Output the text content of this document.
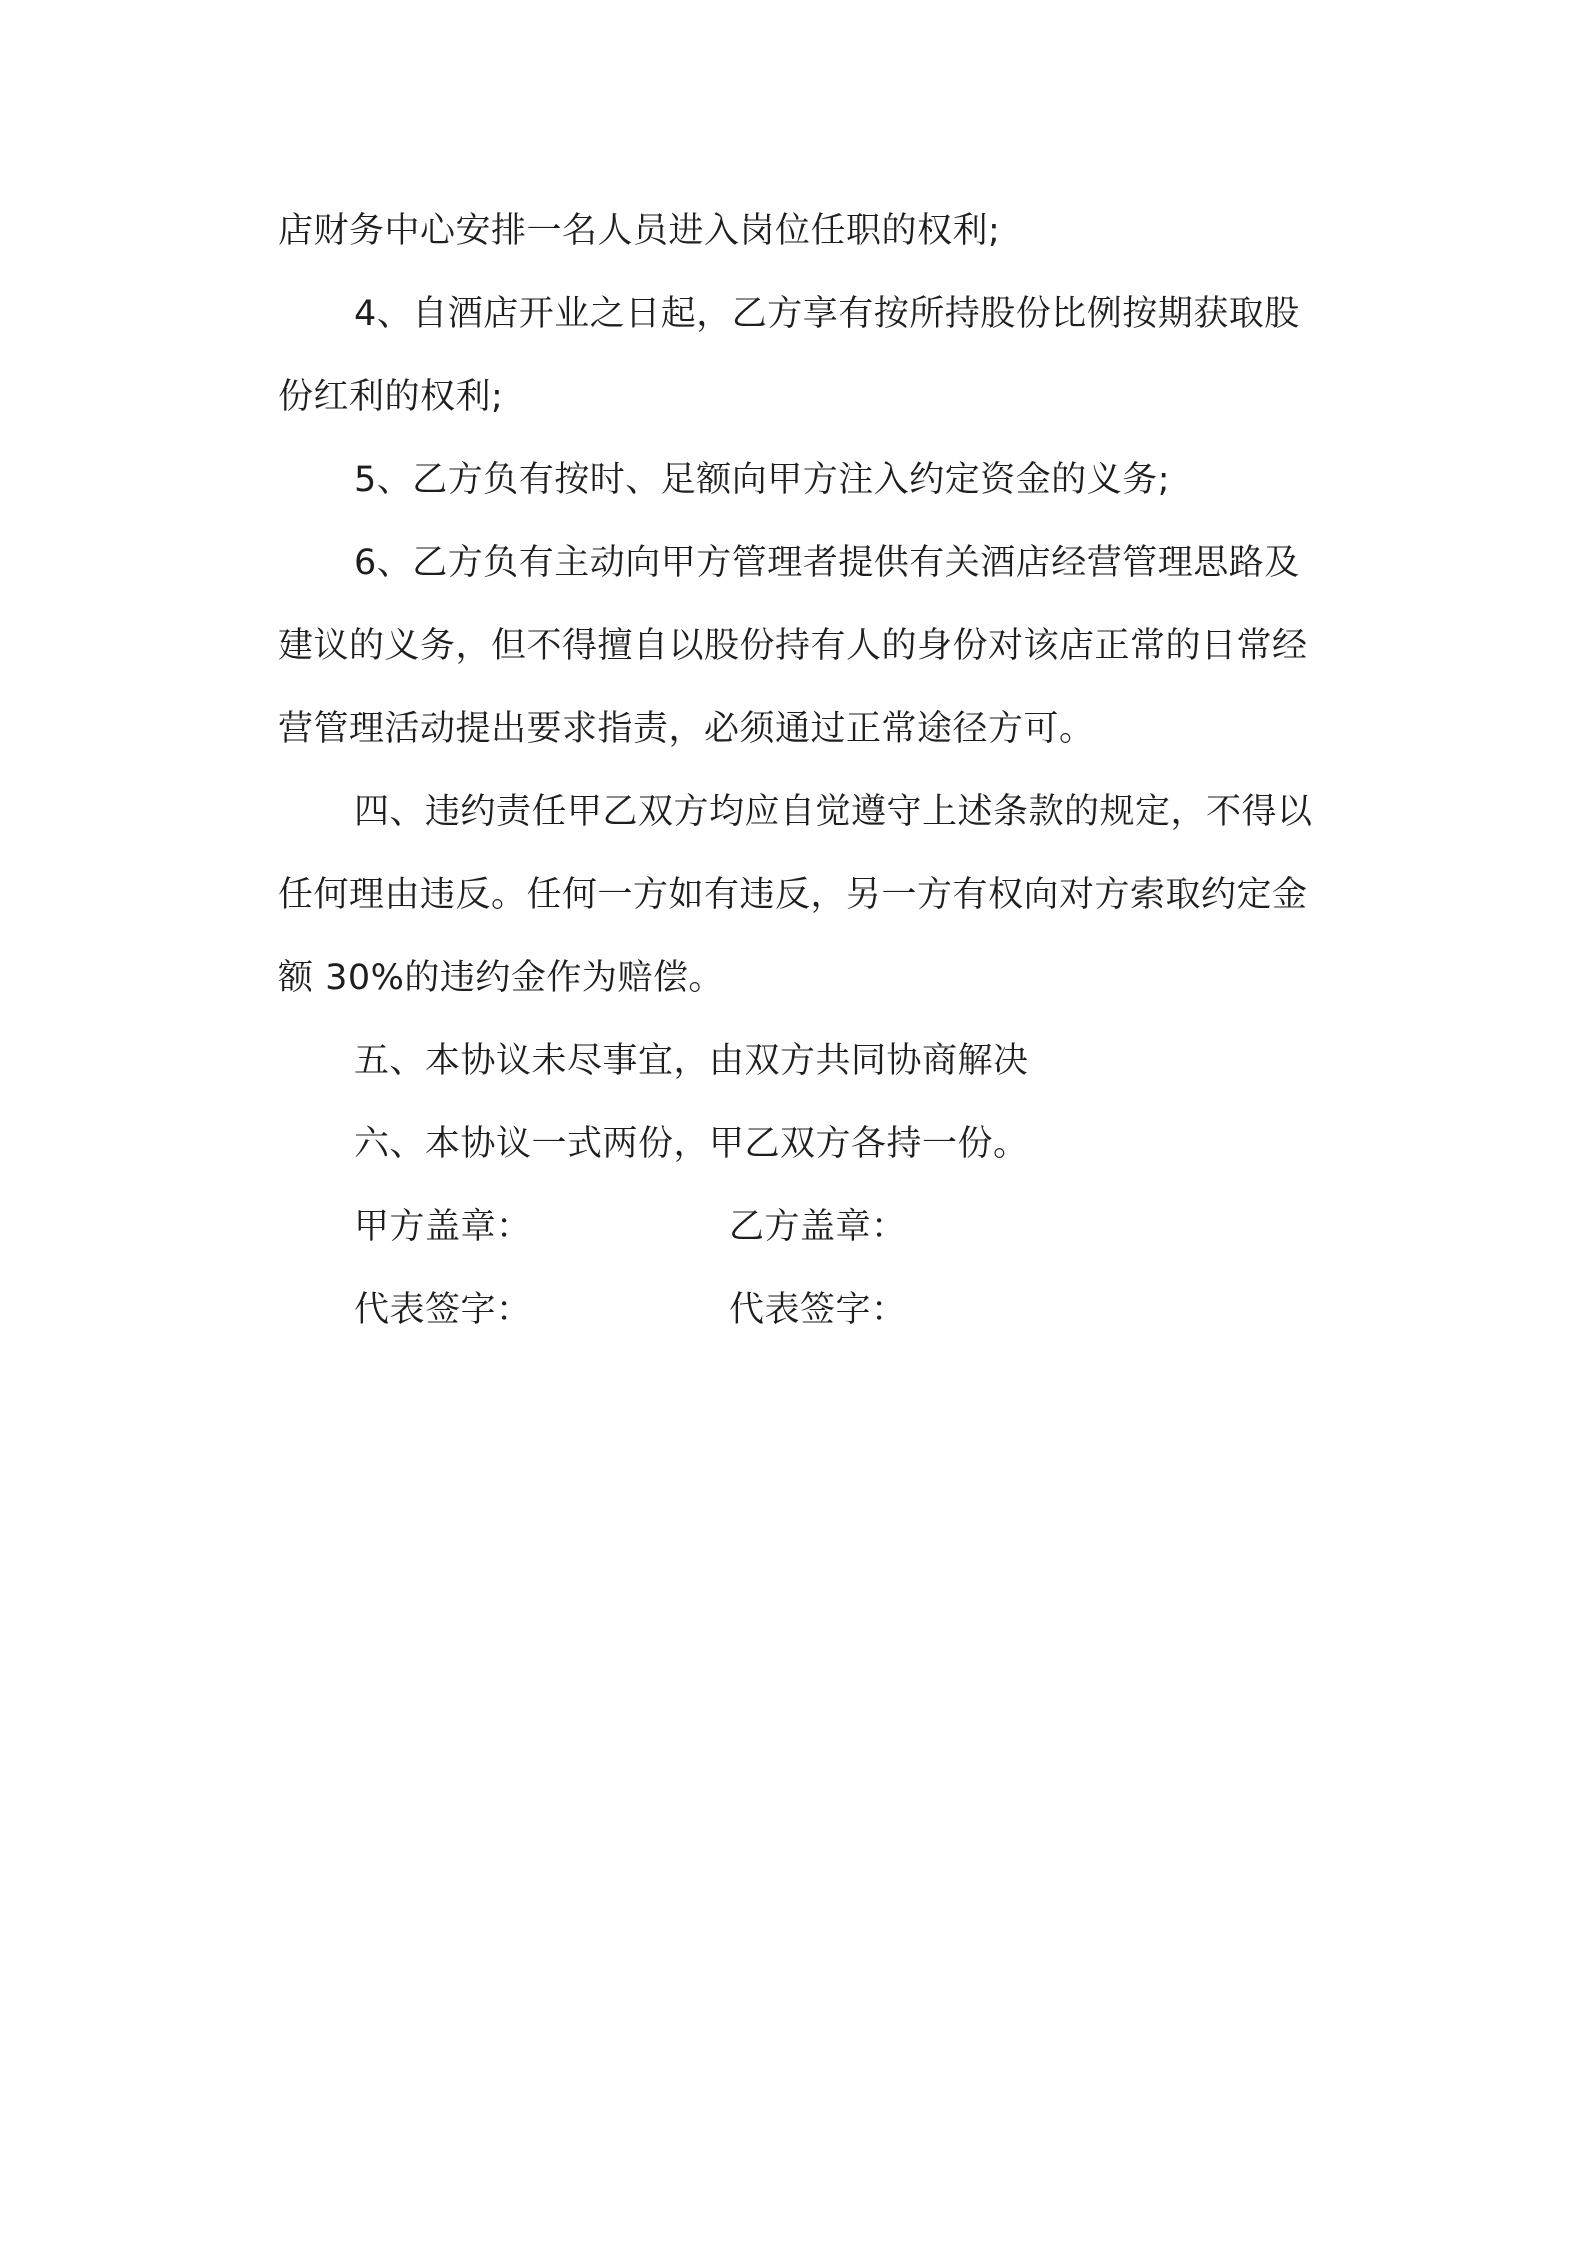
店财务中心安排一名人员进入岗位任职的权利;
4、自酒店开业之日起，乙方享有按所持股份比例按期获取股
份红利的权利;
5、乙方负有按时、足额向甲方注入约定资金的义务;
6、乙方负有主动向甲方管理者提供有关酒店经营管理思路及
建议的义务，但不得擅自以股份持有人的身份对该店正常的日常经
营管理活动提出要求指责，必须通过正常途径方可。
四、违约责任甲乙双方均应自觉遵守上述条款的规定，不得以
任何理由违反。任何一方如有违反，另一方有权向对方索取约定金
额 30%的违约金作为赔偿。
五、本协议未尽事宜，由双方共同协商解决
六、本协议一式两份，甲乙双方各持一份。
甲方盖章：	乙方盖章：
代表签字：	代表签字：
